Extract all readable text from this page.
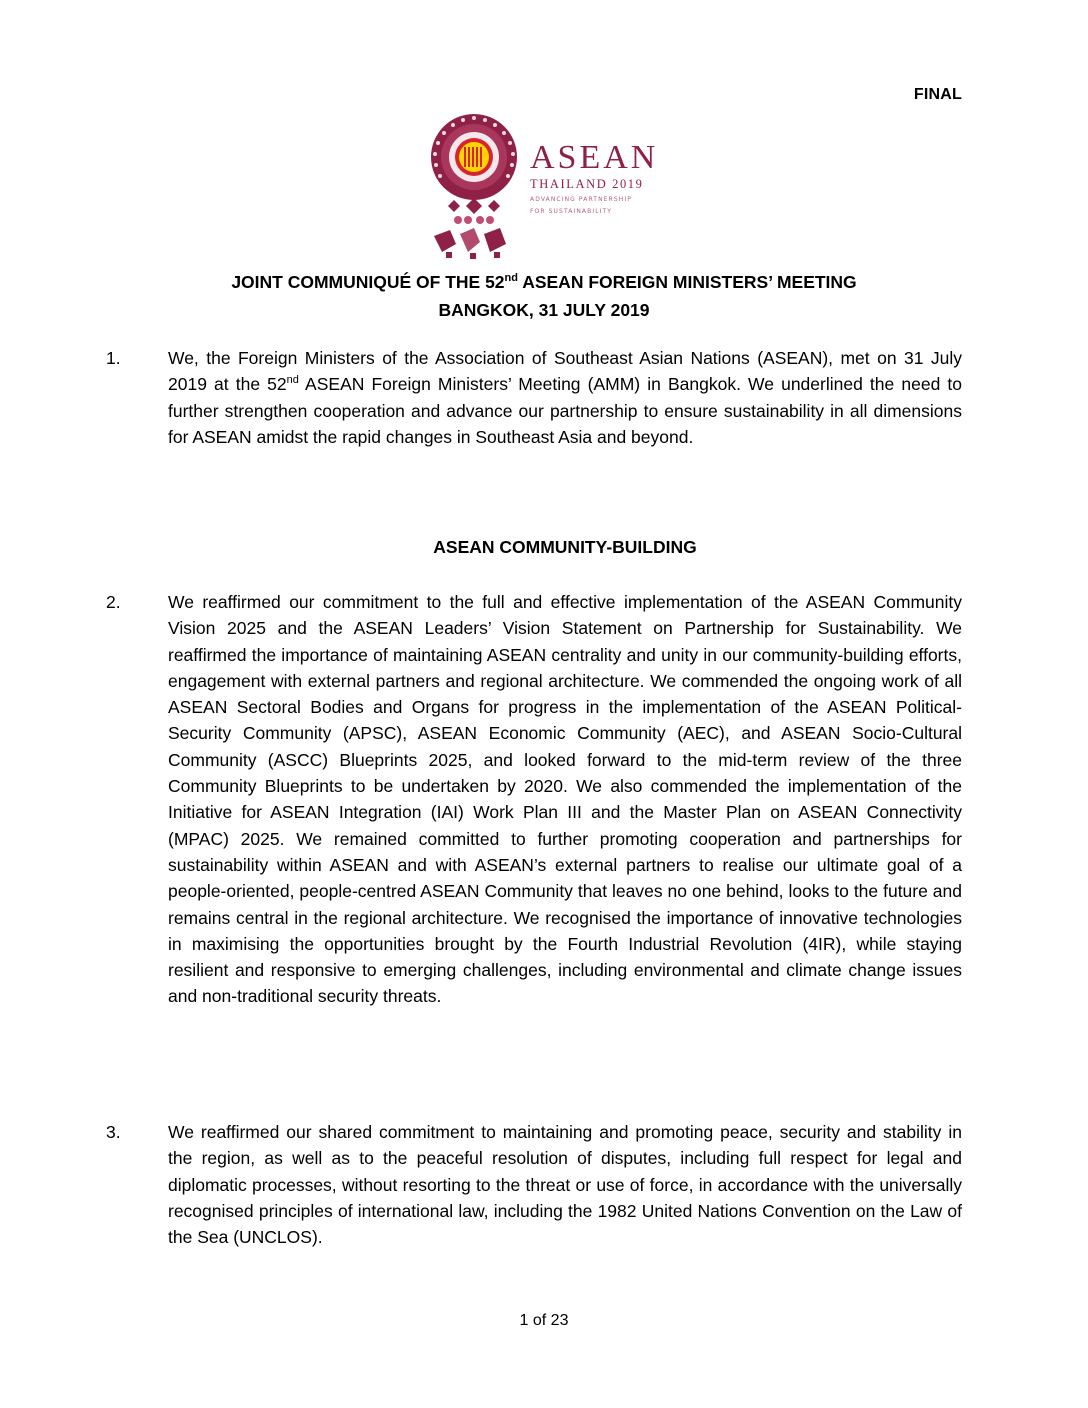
FINAL
ASEAN
THAILAND 2019
ADVANCING PARTNERSHIP
FOR SUSTAINABILITY
JOINT COMMUNIQUÉ OF THE 52nd ASEAN FOREIGN MINISTERS’ MEETING
BANGKOK, 31 JULY 2019
1.	We, the Foreign Ministers of the Association of Southeast Asian Nations (ASEAN), met on 31 July 2019 at the 52nd ASEAN Foreign Ministers’ Meeting (AMM) in Bangkok. We underlined the need to further strengthen cooperation and advance our partnership to ensure sustainability in all dimensions for ASEAN amidst the rapid changes in Southeast Asia and beyond.
ASEAN COMMUNITY-BUILDING
2.	We reaffirmed our commitment to the full and effective implementation of the ASEAN Community Vision 2025 and the ASEAN Leaders’ Vision Statement on Partnership for Sustainability. We reaffirmed the importance of maintaining ASEAN centrality and unity in our community-building efforts, engagement with external partners and regional architecture. We commended the ongoing work of all ASEAN Sectoral Bodies and Organs for progress in the implementation of the ASEAN Political-Security Community (APSC), ASEAN Economic Community (AEC), and ASEAN Socio-Cultural Community (ASCC) Blueprints 2025, and looked forward to the mid-term review of the three Community Blueprints to be undertaken by 2020. We also commended the implementation of the Initiative for ASEAN Integration (IAI) Work Plan III and the Master Plan on ASEAN Connectivity (MPAC) 2025. We remained committed to further promoting cooperation and partnerships for sustainability within ASEAN and with ASEAN’s external partners to realise our ultimate goal of a people-oriented, people-centred ASEAN Community that leaves no one behind, looks to the future and remains central in the regional architecture. We recognised the importance of innovative technologies in maximising the opportunities brought by the Fourth Industrial Revolution (4IR), while staying resilient and responsive to emerging challenges, including environmental and climate change issues and non-traditional security threats.
3.	We reaffirmed our shared commitment to maintaining and promoting peace, security and stability in the region, as well as to the peaceful resolution of disputes, including full respect for legal and diplomatic processes, without resorting to the threat or use of force, in accordance with the universally recognised principles of international law, including the 1982 United Nations Convention on the Law of the Sea (UNCLOS).
1 of 23
